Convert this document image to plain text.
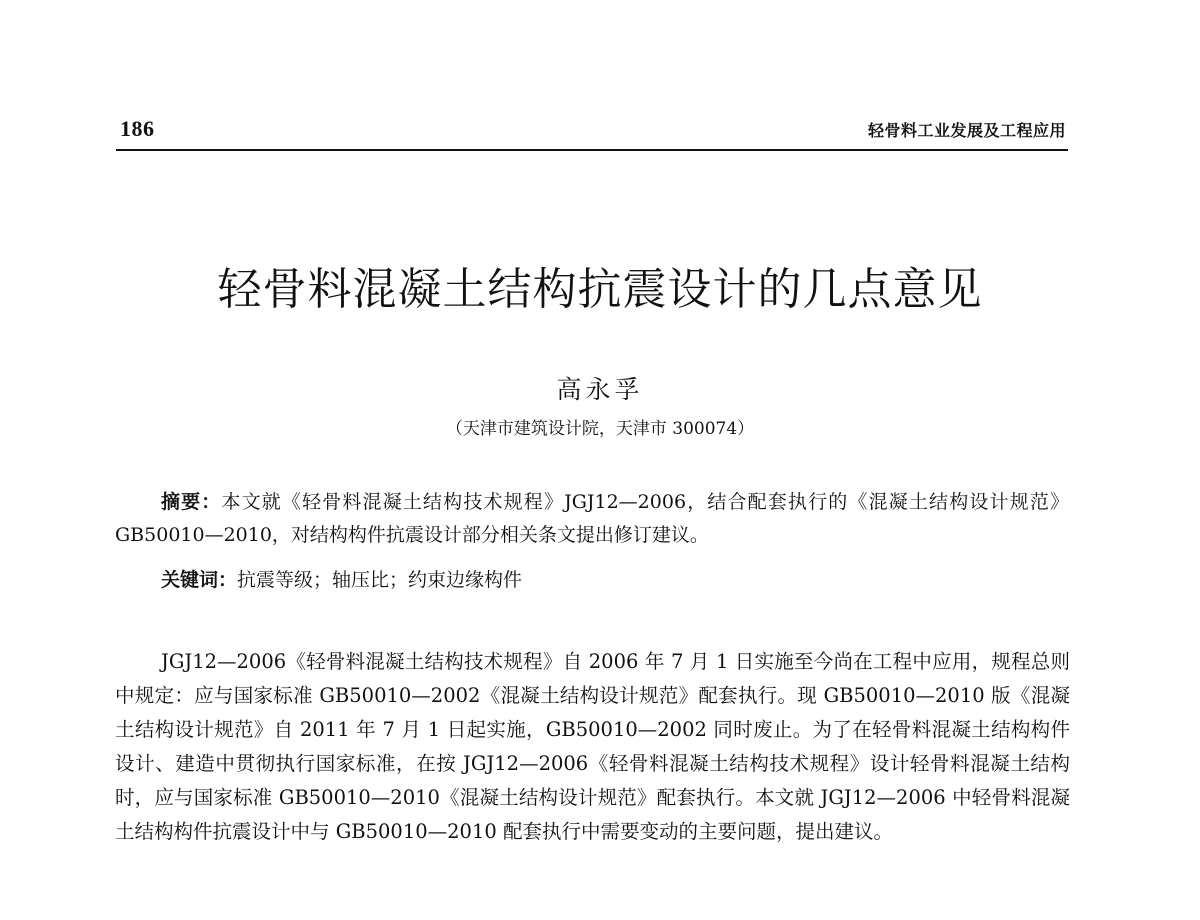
186	轻骨料工业发展及工程应用
轻骨料混凝土结构抗震设计的几点意见
高永孚
（天津市建筑设计院，天津市 300074）
摘要：本文就《轻骨料混凝土结构技术规程》JGJ12—2006，结合配套执行的《混凝土结构设计规范》GB50010—2010，对结构构件抗震设计部分相关条文提出修订建议。
关键词：抗震等级；轴压比；约束边缘构件

JGJ12—2006《轻骨料混凝土结构技术规程》自 2006 年 7 月 1 日实施至今尚在工程中应用，规程总则中规定：应与国家标准 GB50010—2002《混凝土结构设计规范》配套执行。现 GB50010—2010 版《混凝土结构设计规范》自 2011 年 7 月 1 日起实施，GB50010—2002 同时废止。为了在轻骨料混凝土结构构件设计、建造中贯彻执行国家标准，在按 JGJ12—2006《轻骨料混凝土结构技术规程》设计轻骨料混凝土结构时，应与国家标准 GB50010—2010《混凝土结构设计规范》配套执行。本文就 JGJ12—2006 中轻骨料混凝土结构构件抗震设计中与 GB50010—2010 配套执行中需要变动的主要问题，提出建议。
